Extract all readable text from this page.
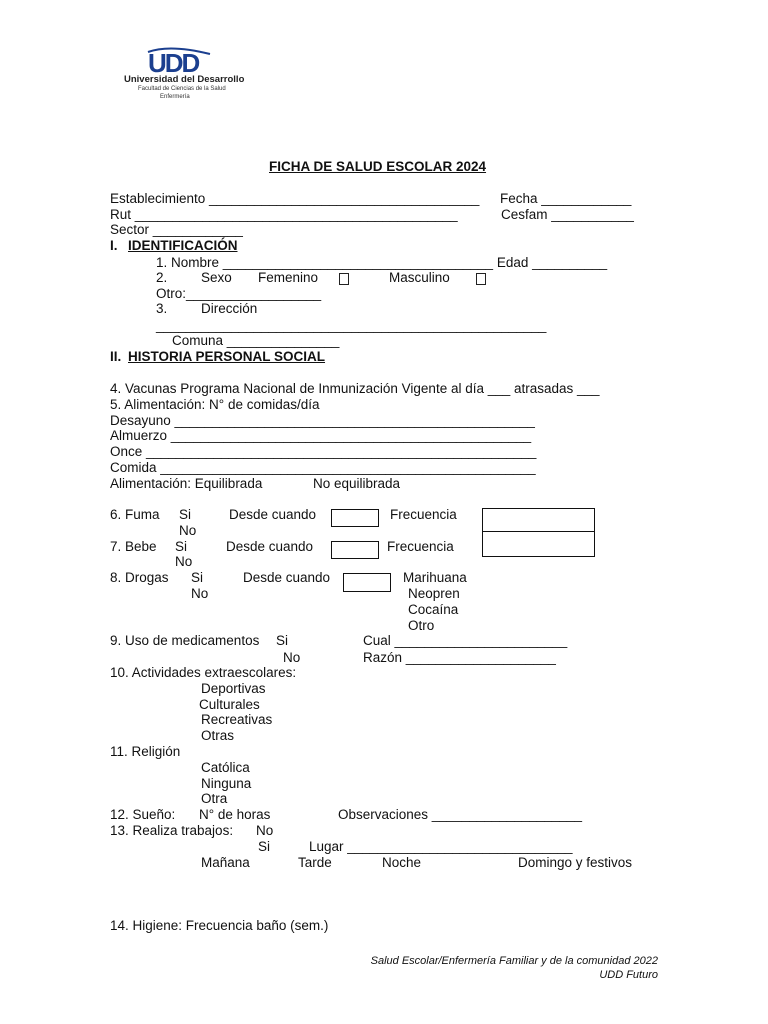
UDD
Universidad del Desarrollo
Facultad de Ciencias de la Salud
Enfermería
FICHA DE SALUD ESCOLAR 2024
Establecimiento ____________________________________ Fecha ____________
Rut ___________________________________________	Cesfam ___________
Sector ____________
I. IDENTIFICACIÓN
1. Nombre ____________________________________ Edad __________
2. Sexo Femenino	Masculino
Otro:__________________
3. Dirección
____________________________________________________
Comuna _______________
II. HISTORIA PERSONAL SOCIAL
4. Vacunas Programa Nacional de Inmunización Vigente al día ___ atrasadas ___
5. Alimentación: N° de comidas/día
Desayuno ________________________________________________
Almuerzo ________________________________________________
Once ____________________________________________________
Comida __________________________________________________
Alimentación: Equilibrada	No equilibrada
6. Fuma Si
No
Desde cuando	Frecuencia
7. Bebe Si
No
Desde cuando	Frecuencia
8. Drogas Si
No
Desde cuando	Marihuana
Neopren
Cocaína
Otro
9. Uso de medicamentos Si
No
Cual _______________________
Razón ____________________
10. Actividades extraescolares:
Deportivas
Culturales
Recreativas
Otras
11. Religión
Católica
Ninguna
Otra
12. Sueño: N° de horas	Observaciones ____________________
13. Realiza trabajos: No
Si	Lugar ______________________________
Mañana	Tarde	Noche	Domingo y festivos
14. Higiene: Frecuencia baño (sem.)
Salud Escolar/Enfermería Familiar y de la comunidad 2022
UDD Futuro
